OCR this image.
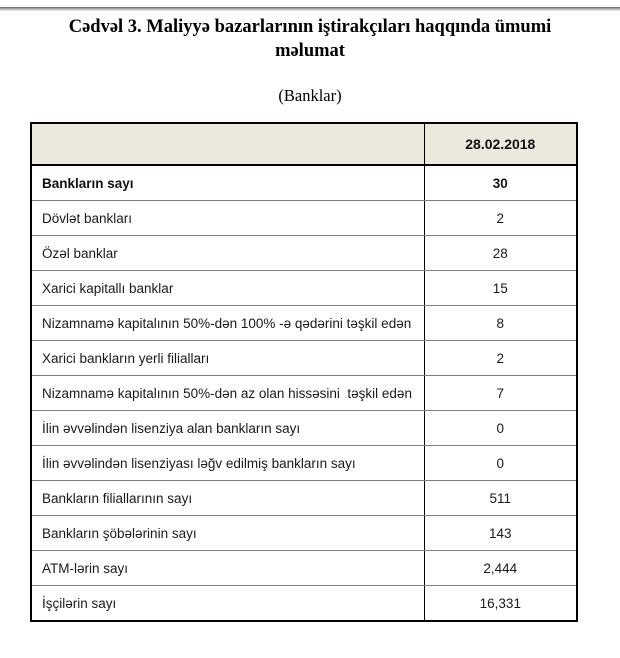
Cədvəl 3. Maliyyə bazarlarının iştirakçıları haqqında ümumi məlumat
(Banklar)
	28.02.2018
Bankların sayı	30
Dövlət bankları	2
Özəl banklar	28
Xarici kapitallı banklar	15
Nizamnamə kapitalının 50%-dən 100% -ə qədərini təşkil edən	8
Xarici bankların yerli filialları	2
Nizamnamə kapitalının 50%-dən az olan hissəsini  təşkil edən	7
İlin əvvəlindən lisenziya alan bankların sayı	0
İlin əvvəlindən lisenziyası ləğv edilmiş bankların sayı	0
Bankların filiallarının sayı	511
Bankların şöbələrinin sayı	143
ATM-lərin sayı	2,444
İşçilərin sayı	16,331
